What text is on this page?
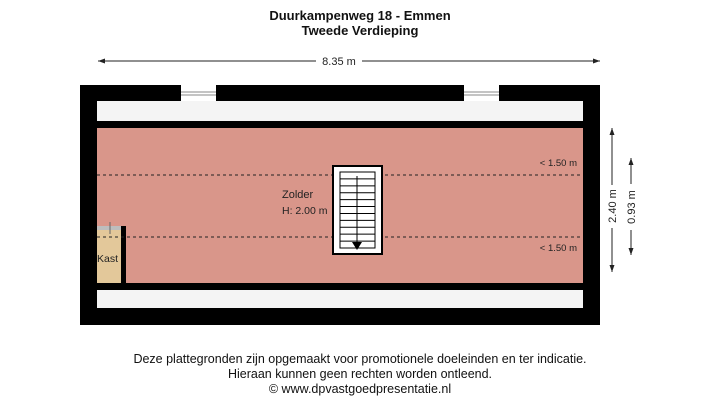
Duurkampenweg 18 - Emmen
Tweede Verdieping
8.35 m
Kast
< 1.50 m
< 1.50 m
Zolder
H: 2.00 m	2.40 m 0.93 m
Deze plattegronden zijn opgemaakt voor promotionele doeleinden en ter indicatie.
Hieraan kunnen geen rechten worden ontleend.
© www.dpvastgoedpresentatie.nl
